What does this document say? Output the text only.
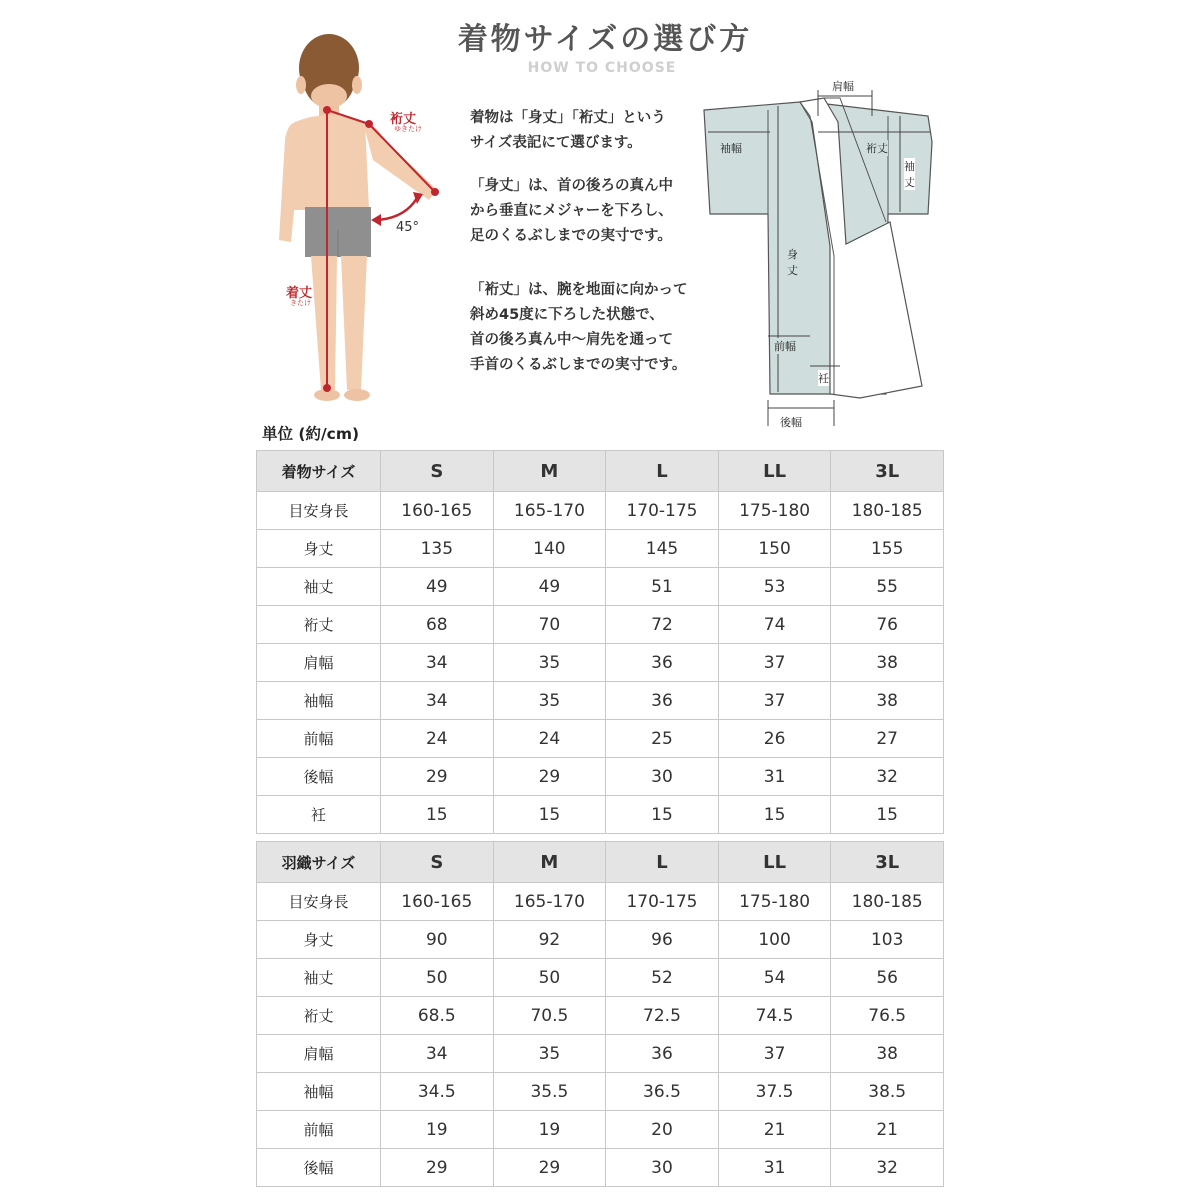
着物サイズの選び方
HOW TO CHOOSE
裄丈
ゆきたけ
45°
着丈
きたけ

着物は「身丈」「裄丈」という

サイズ表記にて選びます。

「身丈」は、首の後ろの真ん中

から垂直にメジャーを下ろし、

足のくるぶしまでの実寸です。

「裄丈」は、腕を地面に向かって

斜め45度に下ろした状態で、

首の後ろ真ん中～肩先を通って

手首のくるぶしまでの実寸です。

肩幅
袖幅	裄丈
袖
丈
身
丈
前幅
衽
後幅
単位 (約/cm)
着物サイズ	S	M	L	LL	3L
目安身長	160-165	165-170	170-175	175-180	180-185
身丈	135	140	145	150	155
袖丈	49	49	51	53	55
裄丈	68	70	72	74	76
肩幅	34	35	36	37	38
袖幅	34	35	36	37	38
前幅	24	24	25	26	27
後幅	29	29	30	31	32
衽	15	15	15	15	15
羽織サイズ	S	M	L	LL	3L
目安身長	160-165	165-170	170-175	175-180	180-185
身丈	90	92	96	100	103
袖丈	50	50	52	54	56
裄丈	68.5	70.5	72.5	74.5	76.5
肩幅	34	35	36	37	38
袖幅	34.5	35.5	36.5	37.5	38.5
前幅	19	19	20	21	21
後幅	29	29	30	31	32
